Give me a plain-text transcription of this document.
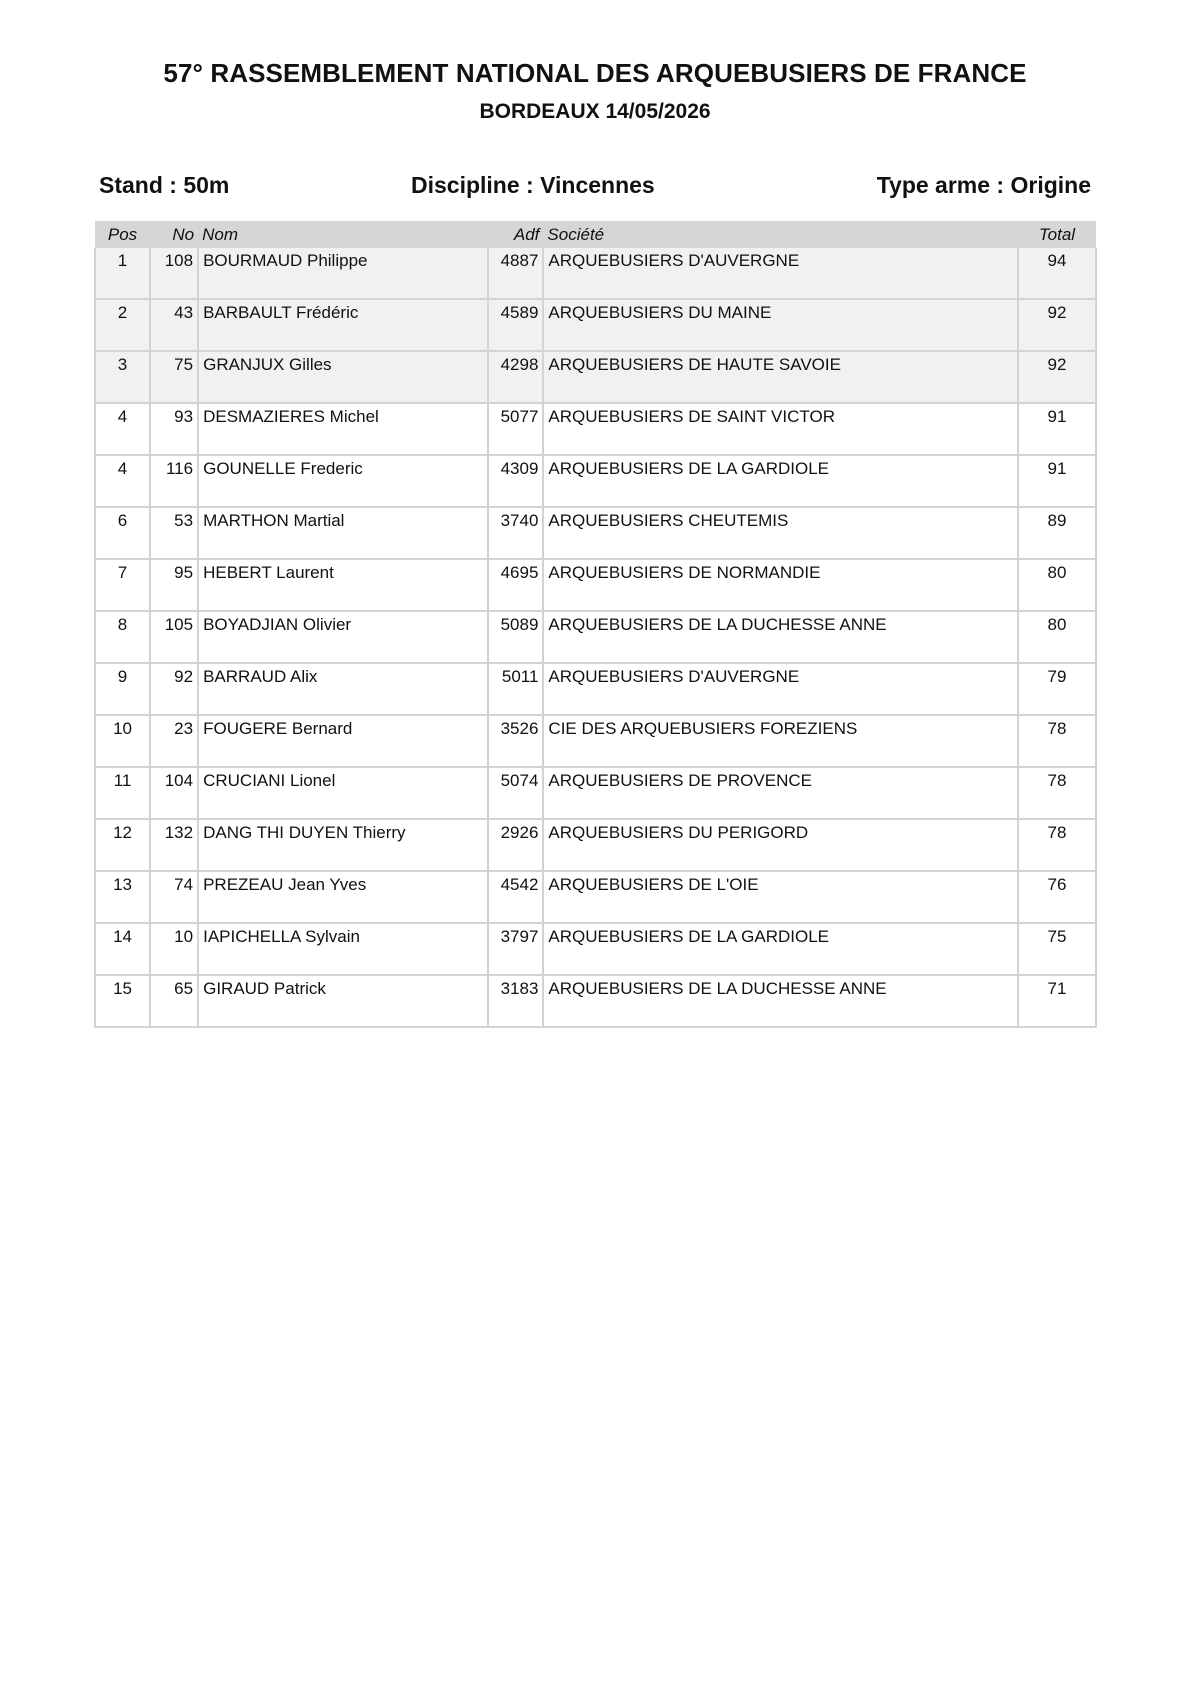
57° RASSEMBLEMENT NATIONAL DES ARQUEBUSIERS DE FRANCE
BORDEAUX 14/05/2026
Stand : 50m	Discipline : Vincennes	Type arme : Origine
Pos	No	Nom	Adf	Société	Total
1	108	BOURMAUD Philippe	4887	ARQUEBUSIERS D'AUVERGNE	94
2	43	BARBAULT Frédéric	4589	ARQUEBUSIERS DU MAINE	92
3	75	GRANJUX Gilles	4298	ARQUEBUSIERS DE HAUTE SAVOIE	92
4	93	DESMAZIERES Michel	5077	ARQUEBUSIERS DE SAINT VICTOR	91
4	116	GOUNELLE Frederic	4309	ARQUEBUSIERS DE LA GARDIOLE	91
6	53	MARTHON Martial	3740	ARQUEBUSIERS CHEUTEMIS	89
7	95	HEBERT Laurent	4695	ARQUEBUSIERS DE NORMANDIE	80
8	105	BOYADJIAN Olivier	5089	ARQUEBUSIERS DE LA DUCHESSE ANNE	80
9	92	BARRAUD Alix	5011	ARQUEBUSIERS D'AUVERGNE	79
10	23	FOUGERE Bernard	3526	CIE DES ARQUEBUSIERS FOREZIENS	78
11	104	CRUCIANI Lionel	5074	ARQUEBUSIERS DE PROVENCE	78
12	132	DANG THI DUYEN Thierry	2926	ARQUEBUSIERS DU PERIGORD	78
13	74	PREZEAU Jean Yves	4542	ARQUEBUSIERS DE L'OIE	76
14	10	IAPICHELLA Sylvain	3797	ARQUEBUSIERS DE LA GARDIOLE	75
15	65	GIRAUD Patrick	3183	ARQUEBUSIERS DE LA DUCHESSE ANNE	71
